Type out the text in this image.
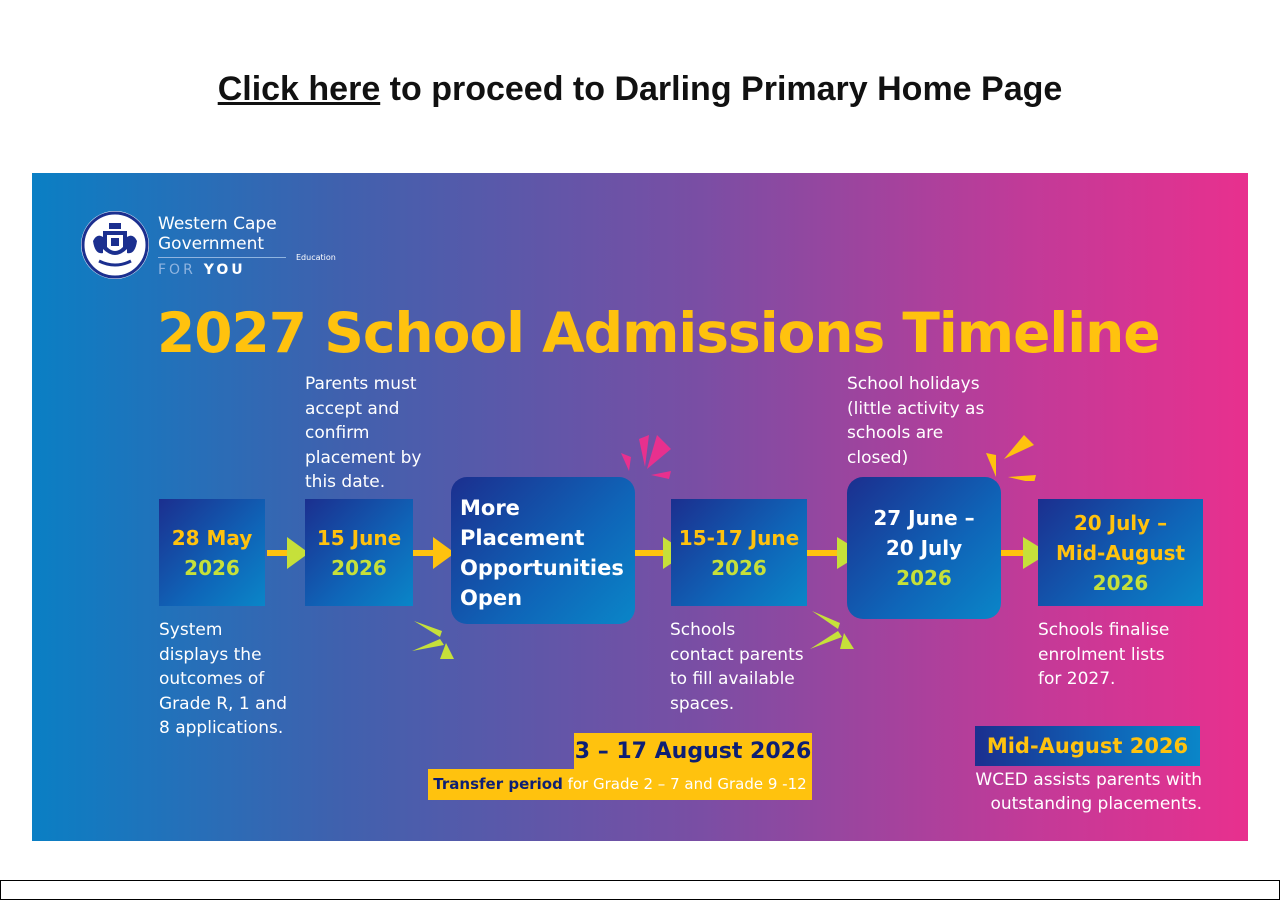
Click here to proceed to Darling Primary Home Page
Western Cape
Government
Education
FOR YOU
2027 School Admissions Timeline
Parents must
accept and
confirm
placement by
this date.
School holidays
(little activity as
schools are
closed)
28 May
2026
15 June
2026
More
Placement
Opportunities
Open
15-17 June
2026
27 June –
20 July
2026
20 July –
Mid-August
2026
System
displays the
outcomes of
Grade R, 1 and
8 applications.
Schools
contact parents
to fill available
spaces.
Schools finalise
enrolment lists
for 2027.
3 – 17 August 2026
Transfer period for Grade 2 – 7 and Grade 9 -12
Mid-August 2026
WCED assists parents with
outstanding placements.
